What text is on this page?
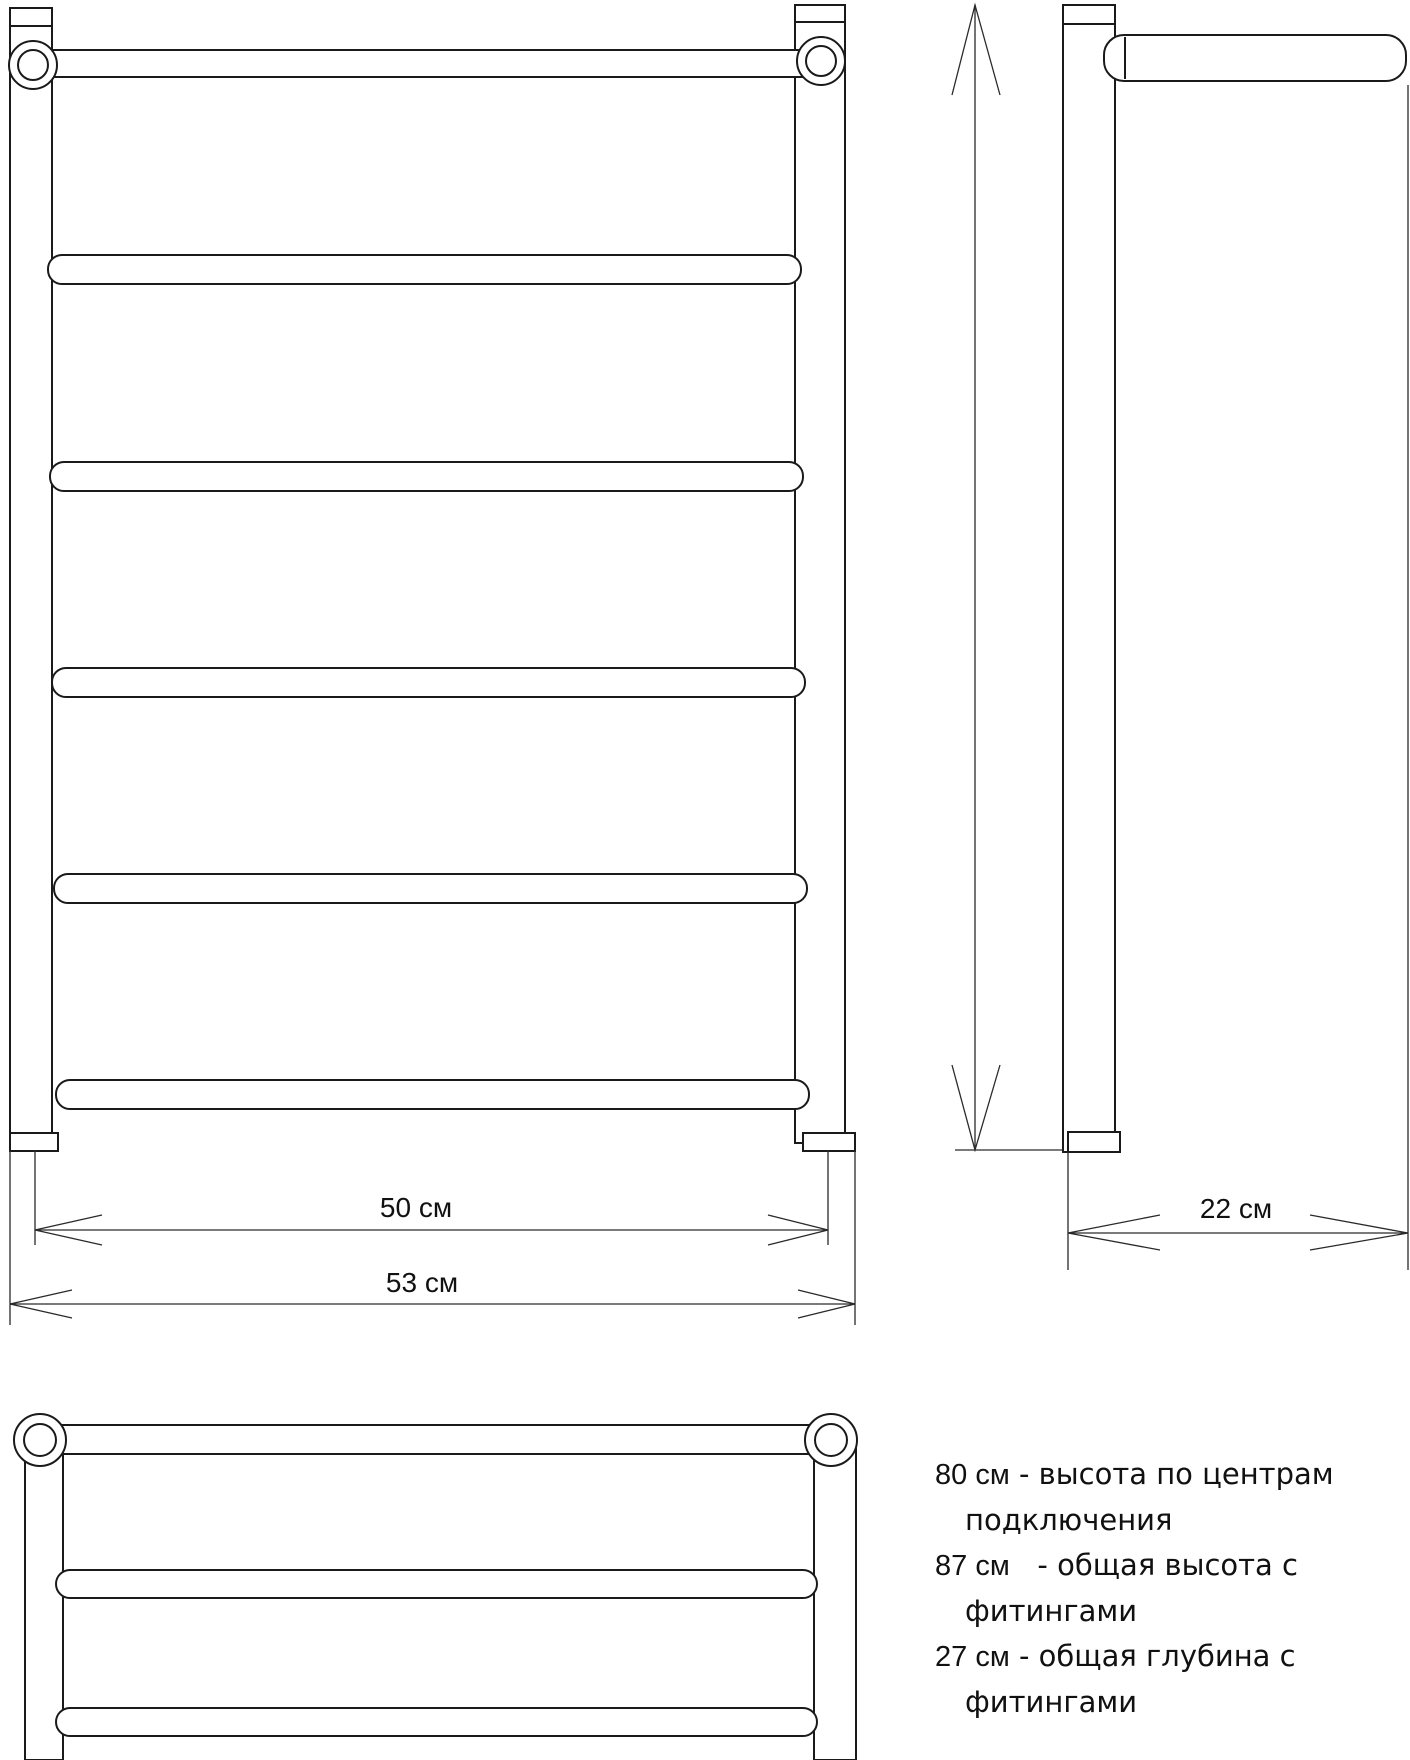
50 см
53 см
22 см

80 см - высота по центрам
подключения

87 см   - общая высота с
фитингами

27 см - общая глубина с
фитингами
